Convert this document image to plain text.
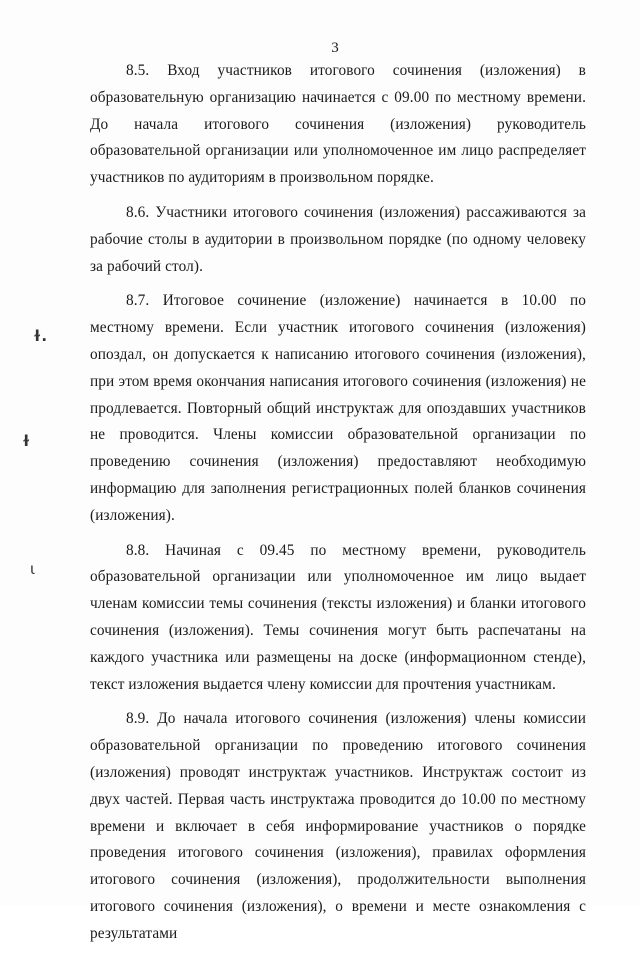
3
ɫ.
ɫ
ι

8.5. Вход участников итогового сочинения (изложения) в образовательную организацию начинается с 09.00 по местному времени. До начала итогового сочинения (изложения) руководитель образовательной организации или уполномоченное им лицо распределяет участников по аудиториям в произвольном порядке.

8.6. Участники итогового сочинения (изложения) рассаживаются за рабочие столы в аудитории в произвольном порядке (по одному человеку за рабочий стол).

8.7. Итоговое сочинение (изложение) начинается в 10.00 по местному времени. Если участник итогового сочинения (изложения) опоздал, он допускается к написанию итогового сочинения (изложения), при этом время окончания написания итогового сочинения (изложения) не продлевается. Повторный общий инструктаж для опоздавших участников не проводится. Члены комиссии образовательной организации по проведению сочинения (изложения) предоставляют необходимую информацию для заполнения регистрационных полей бланков сочинения (изложения).

8.8. Начиная с 09.45 по местному времени, руководитель образовательной организации или уполномоченное им лицо выдает членам комиссии темы сочинения (тексты изложения) и бланки итогового сочинения (изложения). Темы сочинения могут быть распечатаны на каждого участника или размещены на доске (информационном стенде), текст изложения выдается члену комиссии для прочтения участникам.

8.9. До начала итогового сочинения (изложения) члены комиссии образовательной организации по проведению итогового сочинения (изложения) проводят инструктаж участников. Инструктаж состоит из двух частей. Первая часть инструктажа проводится до 10.00 по местному времени и включает в себя информирование участников о порядке проведения итогового сочинения (изложения), правилах оформления итогового сочинения (изложения), продолжительности выполнения итогового сочинения (изложения), о времени и месте ознакомления с результатами
